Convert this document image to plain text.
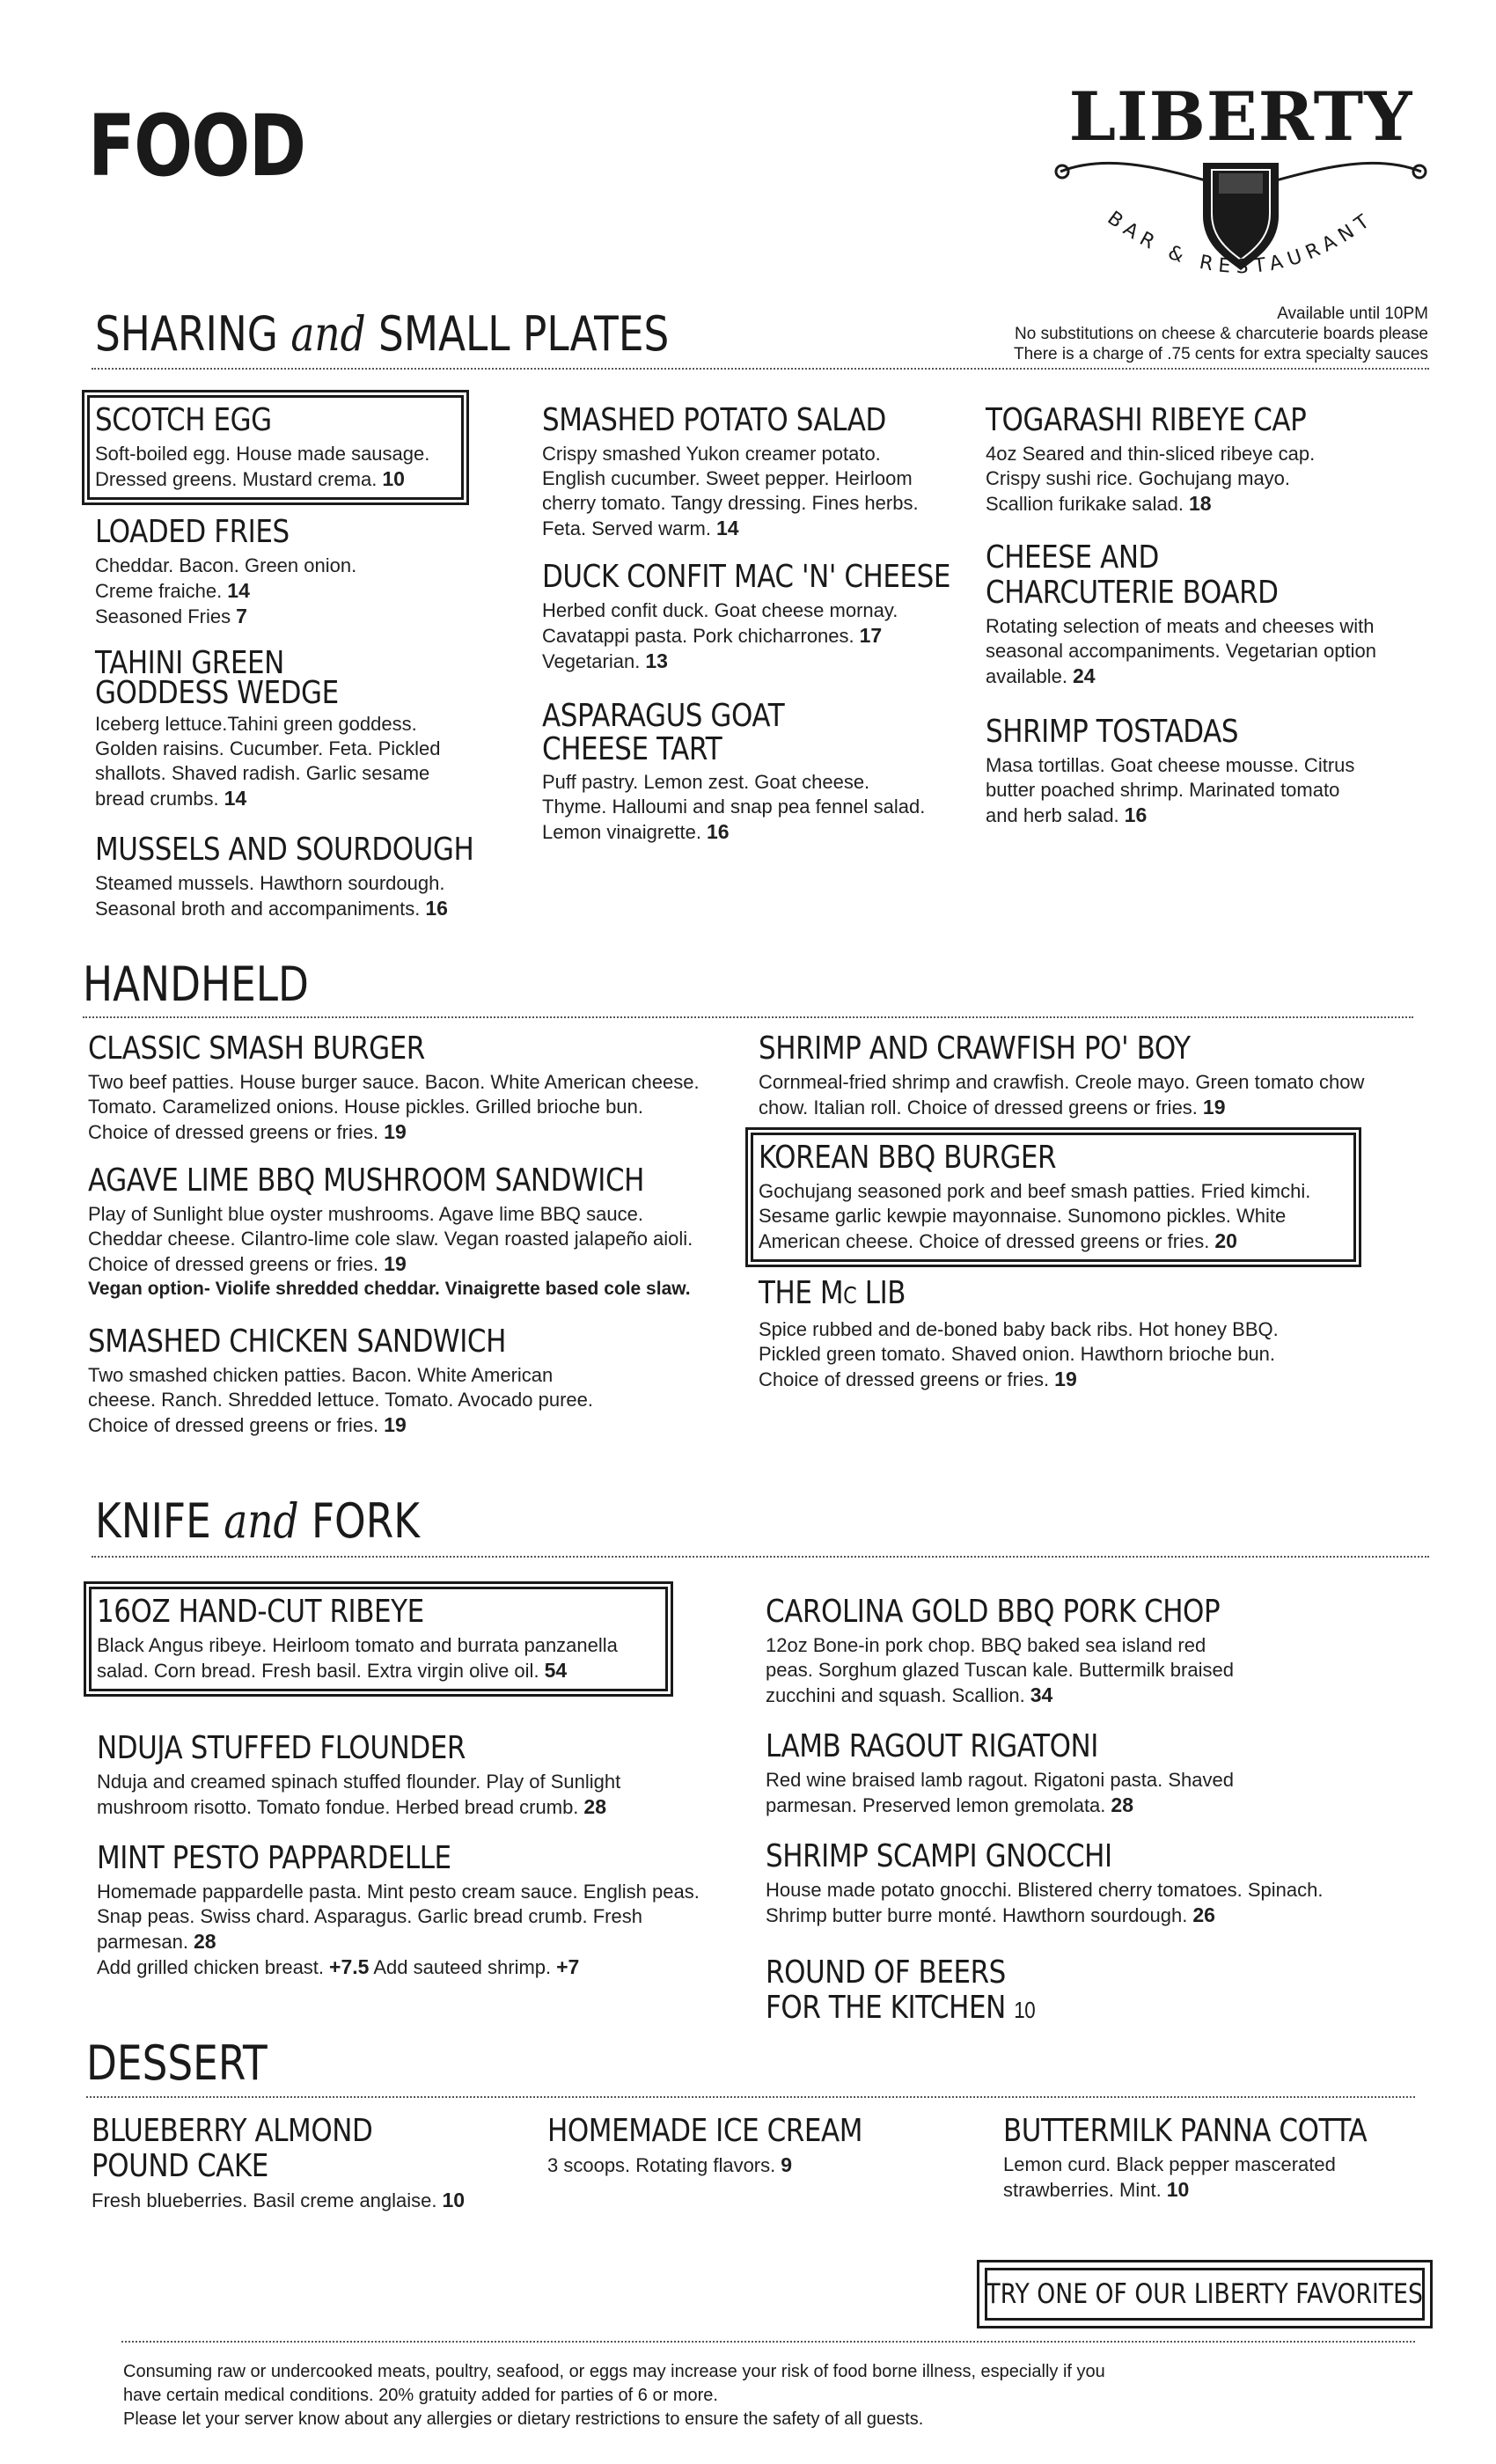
FOOD
BAR & RESTAURANT
LIBERTY
SHARING and SMALL PLATES	Available until 10PM
No substitutions on cheese & charcuterie boards please
There is a charge of .75 cents for extra specialty sauces
SCOTCH EGG

Soft-boiled egg. House made sausage. Dressed greens. Mustard crema. 10

LOADED FRIES

Cheddar. Bacon. Green onion. Creme fraiche. 14

Seasoned Fries 7

TAHINI GREEN
GODDESS WEDGE

Iceberg lettuce.Tahini green goddess. Golden raisins. Cucumber. Feta. Pickled shallots. Shaved radish. Garlic sesame bread crumbs. 14

MUSSELS AND SOURDOUGH

Steamed mussels. Hawthorn sourdough. Seasonal broth and accompaniments. 16

SMASHED POTATO SALAD

Crispy smashed Yukon creamer potato. English cucumber. Sweet pepper. Heirloom cherry tomato. Tangy dressing. Fines herbs. Feta. Served warm. 14

DUCK CONFIT MAC 'N' CHEESE

Herbed confit duck. Goat cheese mornay. Cavatappi pasta. Pork chicharrones. 17

Vegetarian. 13

ASPARAGUS GOAT
CHEESE TART

Puff pastry. Lemon zest. Goat cheese. Thyme. Halloumi and snap pea fennel salad. Lemon vinaigrette. 16

TOGARASHI RIBEYE CAP

4oz Seared and thin-sliced ribeye cap. Crispy sushi rice. Gochujang mayo. Scallion furikake salad. 18

CHEESE AND
CHARCUTERIE BOARD

Rotating selection of meats and cheeses with seasonal accompaniments. Vegetarian option available. 24

SHRIMP TOSTADAS

Masa tortillas. Goat cheese mousse. Citrus butter poached shrimp. Marinated tomato and herb salad. 16

HANDHELD
CLASSIC SMASH BURGER

Two beef patties. House burger sauce. Bacon. White American cheese. Tomato. Caramelized onions. House pickles. Grilled brioche bun. Choice of dressed greens or fries. 19

AGAVE LIME BBQ MUSHROOM SANDWICH

Play of Sunlight blue oyster mushrooms. Agave lime BBQ sauce. Cheddar cheese. Cilantro-lime cole slaw. Vegan roasted jalapeño aioli. Choice of dressed greens or fries. 19

Vegan option- Violife shredded cheddar. Vinaigrette based cole slaw.

SMASHED CHICKEN SANDWICH

Two smashed chicken patties. Bacon. White American cheese. Ranch. Shredded lettuce. Tomato. Avocado puree. Choice of dressed greens or fries. 19

SHRIMP AND CRAWFISH PO' BOY

Cornmeal-fried shrimp and crawfish. Creole mayo. Green tomato chow chow. Italian roll. Choice of dressed greens or fries. 19

KOREAN BBQ BURGER

Gochujang seasoned pork and beef smash patties. Fried kimchi. Sesame garlic kewpie mayonnaise. Sunomono pickles. White American cheese. Choice of dressed greens or fries. 20

THE MC LIB

Spice rubbed and de-boned baby back ribs. Hot honey BBQ. Pickled green tomato. Shaved onion. Hawthorn brioche bun. Choice of dressed greens or fries. 19

KNIFE and FORK
16OZ HAND-CUT RIBEYE

Black Angus ribeye. Heirloom tomato and burrata panzanella salad. Corn bread. Fresh basil. Extra virgin olive oil. 54

NDUJA STUFFED FLOUNDER

Nduja and creamed spinach stuffed flounder. Play of Sunlight mushroom risotto. Tomato fondue. Herbed bread crumb. 28

MINT PESTO PAPPARDELLE

Homemade pappardelle pasta. Mint pesto cream sauce. English peas. Snap peas. Swiss chard. Asparagus. Garlic bread crumb. Fresh parmesan. 28

Add grilled chicken breast. +7.5 Add sauteed shrimp. +7

CAROLINA GOLD BBQ PORK CHOP

12oz Bone-in pork chop. BBQ baked sea island red peas. Sorghum glazed Tuscan kale. Buttermilk braised zucchini and squash. Scallion. 34

LAMB RAGOUT RIGATONI

Red wine braised lamb ragout. Rigatoni pasta. Shaved parmesan. Preserved lemon gremolata. 28

SHRIMP SCAMPI GNOCCHI

House made potato gnocchi. Blistered cherry tomatoes. Spinach. Shrimp butter burre monté. Hawthorn sourdough. 26

ROUND OF BEERS
FOR THE KITCHEN 10
DESSERT
BLUEBERRY ALMOND
POUND CAKE

Fresh blueberries. Basil creme anglaise. 10

HOMEMADE ICE CREAM

3 scoops. Rotating flavors. 9

BUTTERMILK PANNA COTTA

Lemon curd. Black pepper mascerated strawberries. Mint. 10

TRY ONE OF OUR LIBERTY FAVORITES
Consuming raw or undercooked meats, poultry, seafood, or eggs may increase your risk of food borne illness, especially if you
have certain medical conditions. 20% gratuity added for parties of 6 or more.
Please let your server know about any allergies or dietary restrictions to ensure the safety of all guests.
